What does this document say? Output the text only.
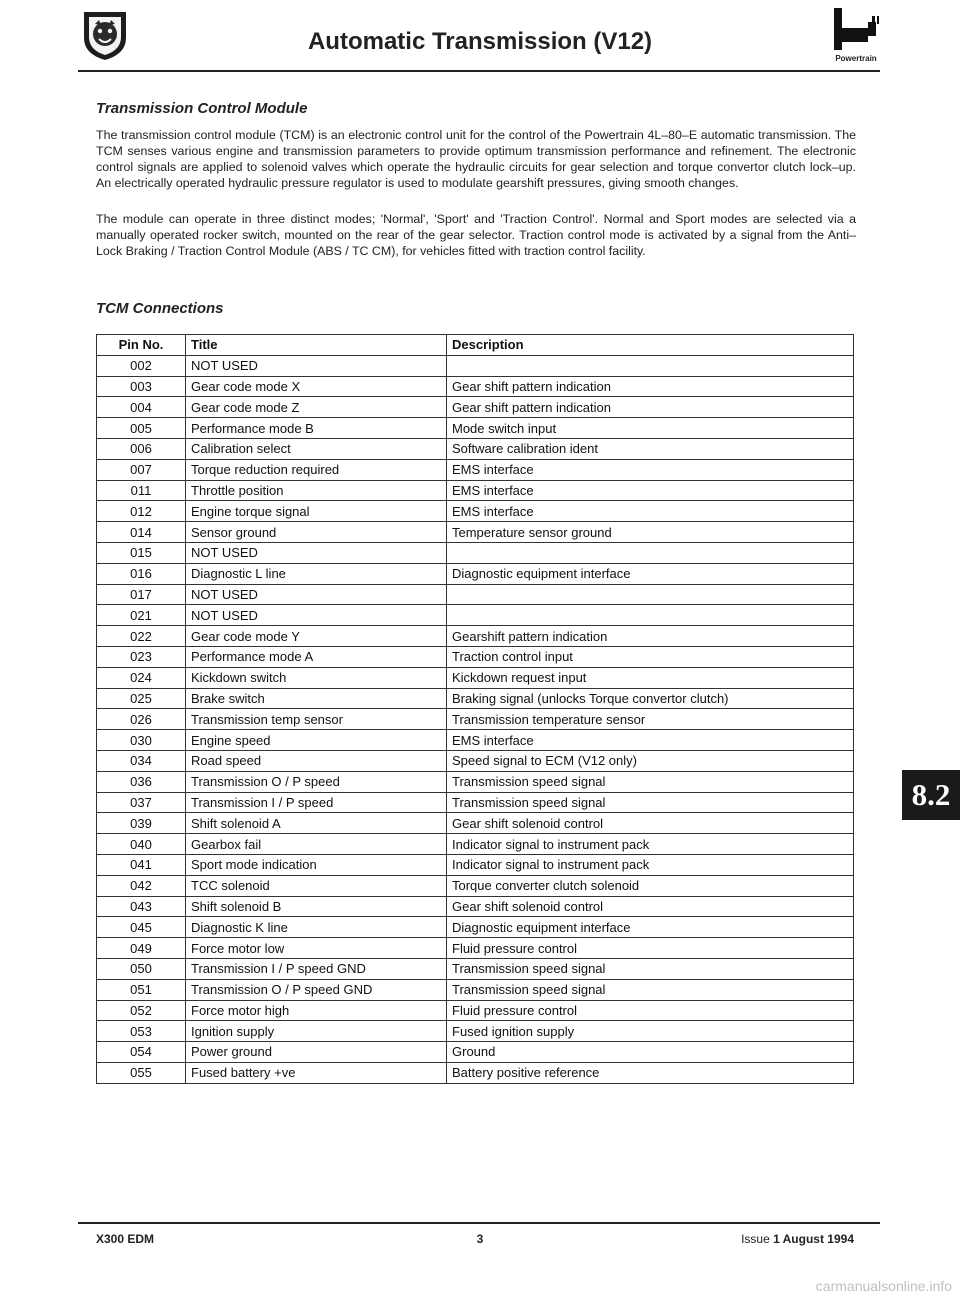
Automatic Transmission (V12)
Powertrain
Transmission Control Module
The transmission control module (TCM) is an electronic control unit for the control of the Powertrain 4L–80–E automatic transmission. The TCM senses various engine and transmission parameters to provide optimum transmission performance and refinement. The electronic control signals are applied to solenoid valves which operate the hydraulic circuits for gear selection and torque convertor clutch lock–up. An electrically operated hydraulic pressure regulator is used to modulate gearshift pressures, giving smooth changes.
The module can operate in three distinct modes; 'Normal', 'Sport' and 'Traction Control'. Normal and Sport modes are selected via a manually operated rocker switch, mounted on the rear of the gear selector. Traction control mode is activated by a signal from the Anti–Lock Braking / Traction Control Module (ABS / TC CM), for vehicles fitted with traction control facility.
TCM Connections
Pin No.	Title	Description
002	NOT USED	
003	Gear code mode X	Gear shift pattern indication
004	Gear code mode Z	Gear shift pattern indication
005	Performance mode B	Mode switch input
006	Calibration select	Software calibration ident
007	Torque reduction required	EMS interface
011	Throttle position	EMS interface
012	Engine torque signal	EMS interface
014	Sensor ground	Temperature sensor ground
015	NOT USED	
016	Diagnostic L line	Diagnostic equipment interface
017	NOT USED	
021	NOT USED	
022	Gear code mode Y	Gearshift pattern indication
023	Performance mode A	Traction control input
024	Kickdown switch	Kickdown request input
025	Brake switch	Braking signal (unlocks Torque convertor clutch)
026	Transmission temp sensor	Transmission temperature sensor
030	Engine speed	EMS interface
034	Road speed	Speed signal to ECM (V12 only)
036	Transmission O / P speed	Transmission speed signal
037	Transmission I / P speed	Transmission speed signal
039	Shift solenoid A	Gear shift solenoid control
040	Gearbox fail	Indicator signal to instrument pack
041	Sport mode indication	Indicator signal to instrument pack
042	TCC solenoid	Torque converter clutch solenoid
043	Shift solenoid B	Gear shift solenoid control
045	Diagnostic K line	Diagnostic equipment interface
049	Force motor low	Fluid pressure control
050	Transmission I / P speed GND	Transmission speed signal
051	Transmission O / P speed GND	Transmission speed signal
052	Force motor high	Fluid pressure control
053	Ignition supply	Fused ignition supply
054	Power ground	Ground
055	Fused battery +ve	Battery positive reference
8.2
X300 EDM	3	Issue 1 August 1994
carmanualsonline.info
